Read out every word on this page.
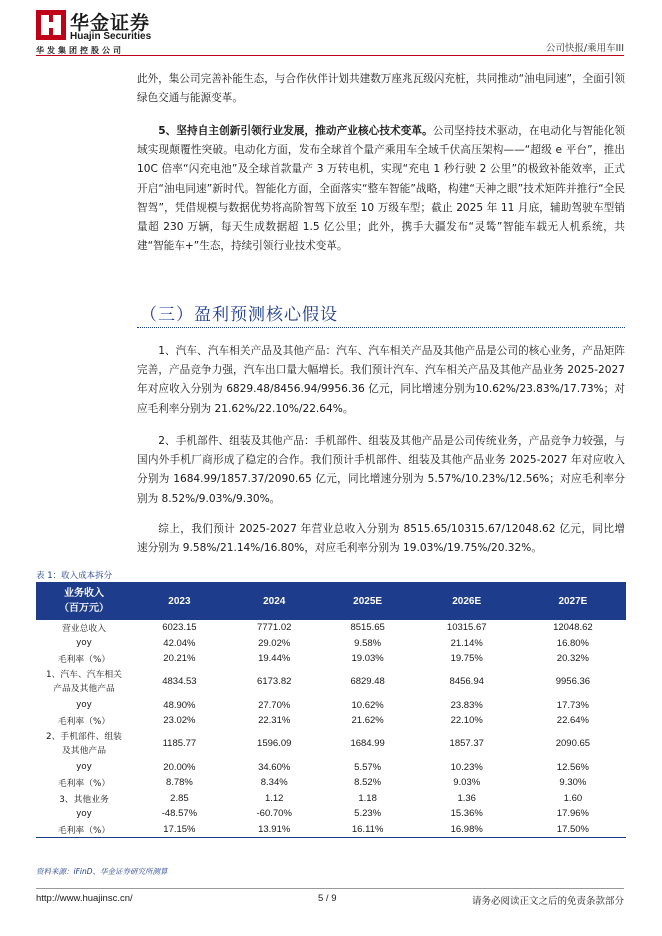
华金证券
Huajin Securities
华发集团控股公司	公司快报/乘用车III

此外，集公司完善补能生态，与合作伙伴计划共建数万座兆瓦级闪充桩，共同推动“油电同速”，全面引领绿色交通与能源变革。

5、坚持自主创新引领行业发展，推动产业核心技术变革。公司坚持技术驱动，在电动化与智能化领域实现颠覆性突破。电动化方面，发布全球首个量产乘用车全域千伏高压架构——“超级 e 平台”，推出 10C 倍率“闪充电池”及全球首款量产 3 万转电机，实现“充电 1 秒行驶 2 公里”的极致补能效率，正式开启“油电同速”新时代。智能化方面，全面落实“整车智能”战略，构建“天神之眼”技术矩阵并推行“全民智驾”，凭借规模与数据优势将高阶智驾下放至 10 万级车型；截止 2025 年 11 月底，辅助驾驶车型销量超 230 万辆，每天生成数据超 1.5 亿公里；此外，携手大疆发布“灵鸶”智能车载无人机系统，共建“智能车+”生态，持续引领行业技术变革。

（三）盈利预测核心假设

1、汽车、汽车相关产品及其他产品：汽车、汽车相关产品及其他产品是公司的核心业务，产品矩阵完善，产品竞争力强，汽车出口量大幅增长。我们预计汽车、汽车相关产品及其他产品业务 2025-2027 年对应收入分别为 6829.48/8456.94/9956.36 亿元，同比增速分别为10.62%/23.83%/17.73%；对应毛利率分别为 21.62%/22.10%/22.64%。

2、手机部件、组装及其他产品：手机部件、组装及其他产品是公司传统业务，产品竞争力较强，与国内外手机厂商形成了稳定的合作。我们预计手机部件、组装及其他产品业务 2025-2027 年对应收入分别为 1684.99/1857.37/2090.65 亿元，同比增速分别为 5.57%/10.23%/12.56%；对应毛利率分别为 8.52%/9.03%/9.30%。

综上，我们预计 2025-2027 年营业总收入分别为 8515.65/10315.67/12048.62 亿元，同比增速分别为 9.58%/21.14%/16.80%，对应毛利率分别为 19.03%/19.75%/20.32%。

表 1：收入成本拆分
业务收入
（百万元）	2023	2024	2025E	2026E	2027E
营业总收入	6023.15	7771.02	8515.65	10315.67	12048.62
yoy	42.04%	29.02%	9.58%	21.14%	16.80%
毛利率（%）	20.21%	19.44%	19.03%	19.75%	20.32%
1、汽车、汽车相关
产品及其他产品	4834.53	6173.82	6829.48	8456.94	9956.36
yoy	48.90%	27.70%	10.62%	23.83%	17.73%
毛利率（%）	23.02%	22.31%	21.62%	22.10%	22.64%
2、手机部件、组装
及其他产品	1185.77	1596.09	1684.99	1857.37	2090.65
yoy	20.00%	34.60%	5.57%	10.23%	12.56%
毛利率（%）	8.78%	8.34%	8.52%	9.03%	9.30%
3、其他业务	2.85	1.12	1.18	1.36	1.60
yoy	-48.57%	-60.70%	5.23%	15.36%	17.96%
毛利率（%）	17.15%	13.91%	16.11%	16.98%	17.50%
资料来源：iFinD、华金证券研究所测算
http://www.huajinsc.cn/	5 / 9	请务必阅读正文之后的免责条款部分
